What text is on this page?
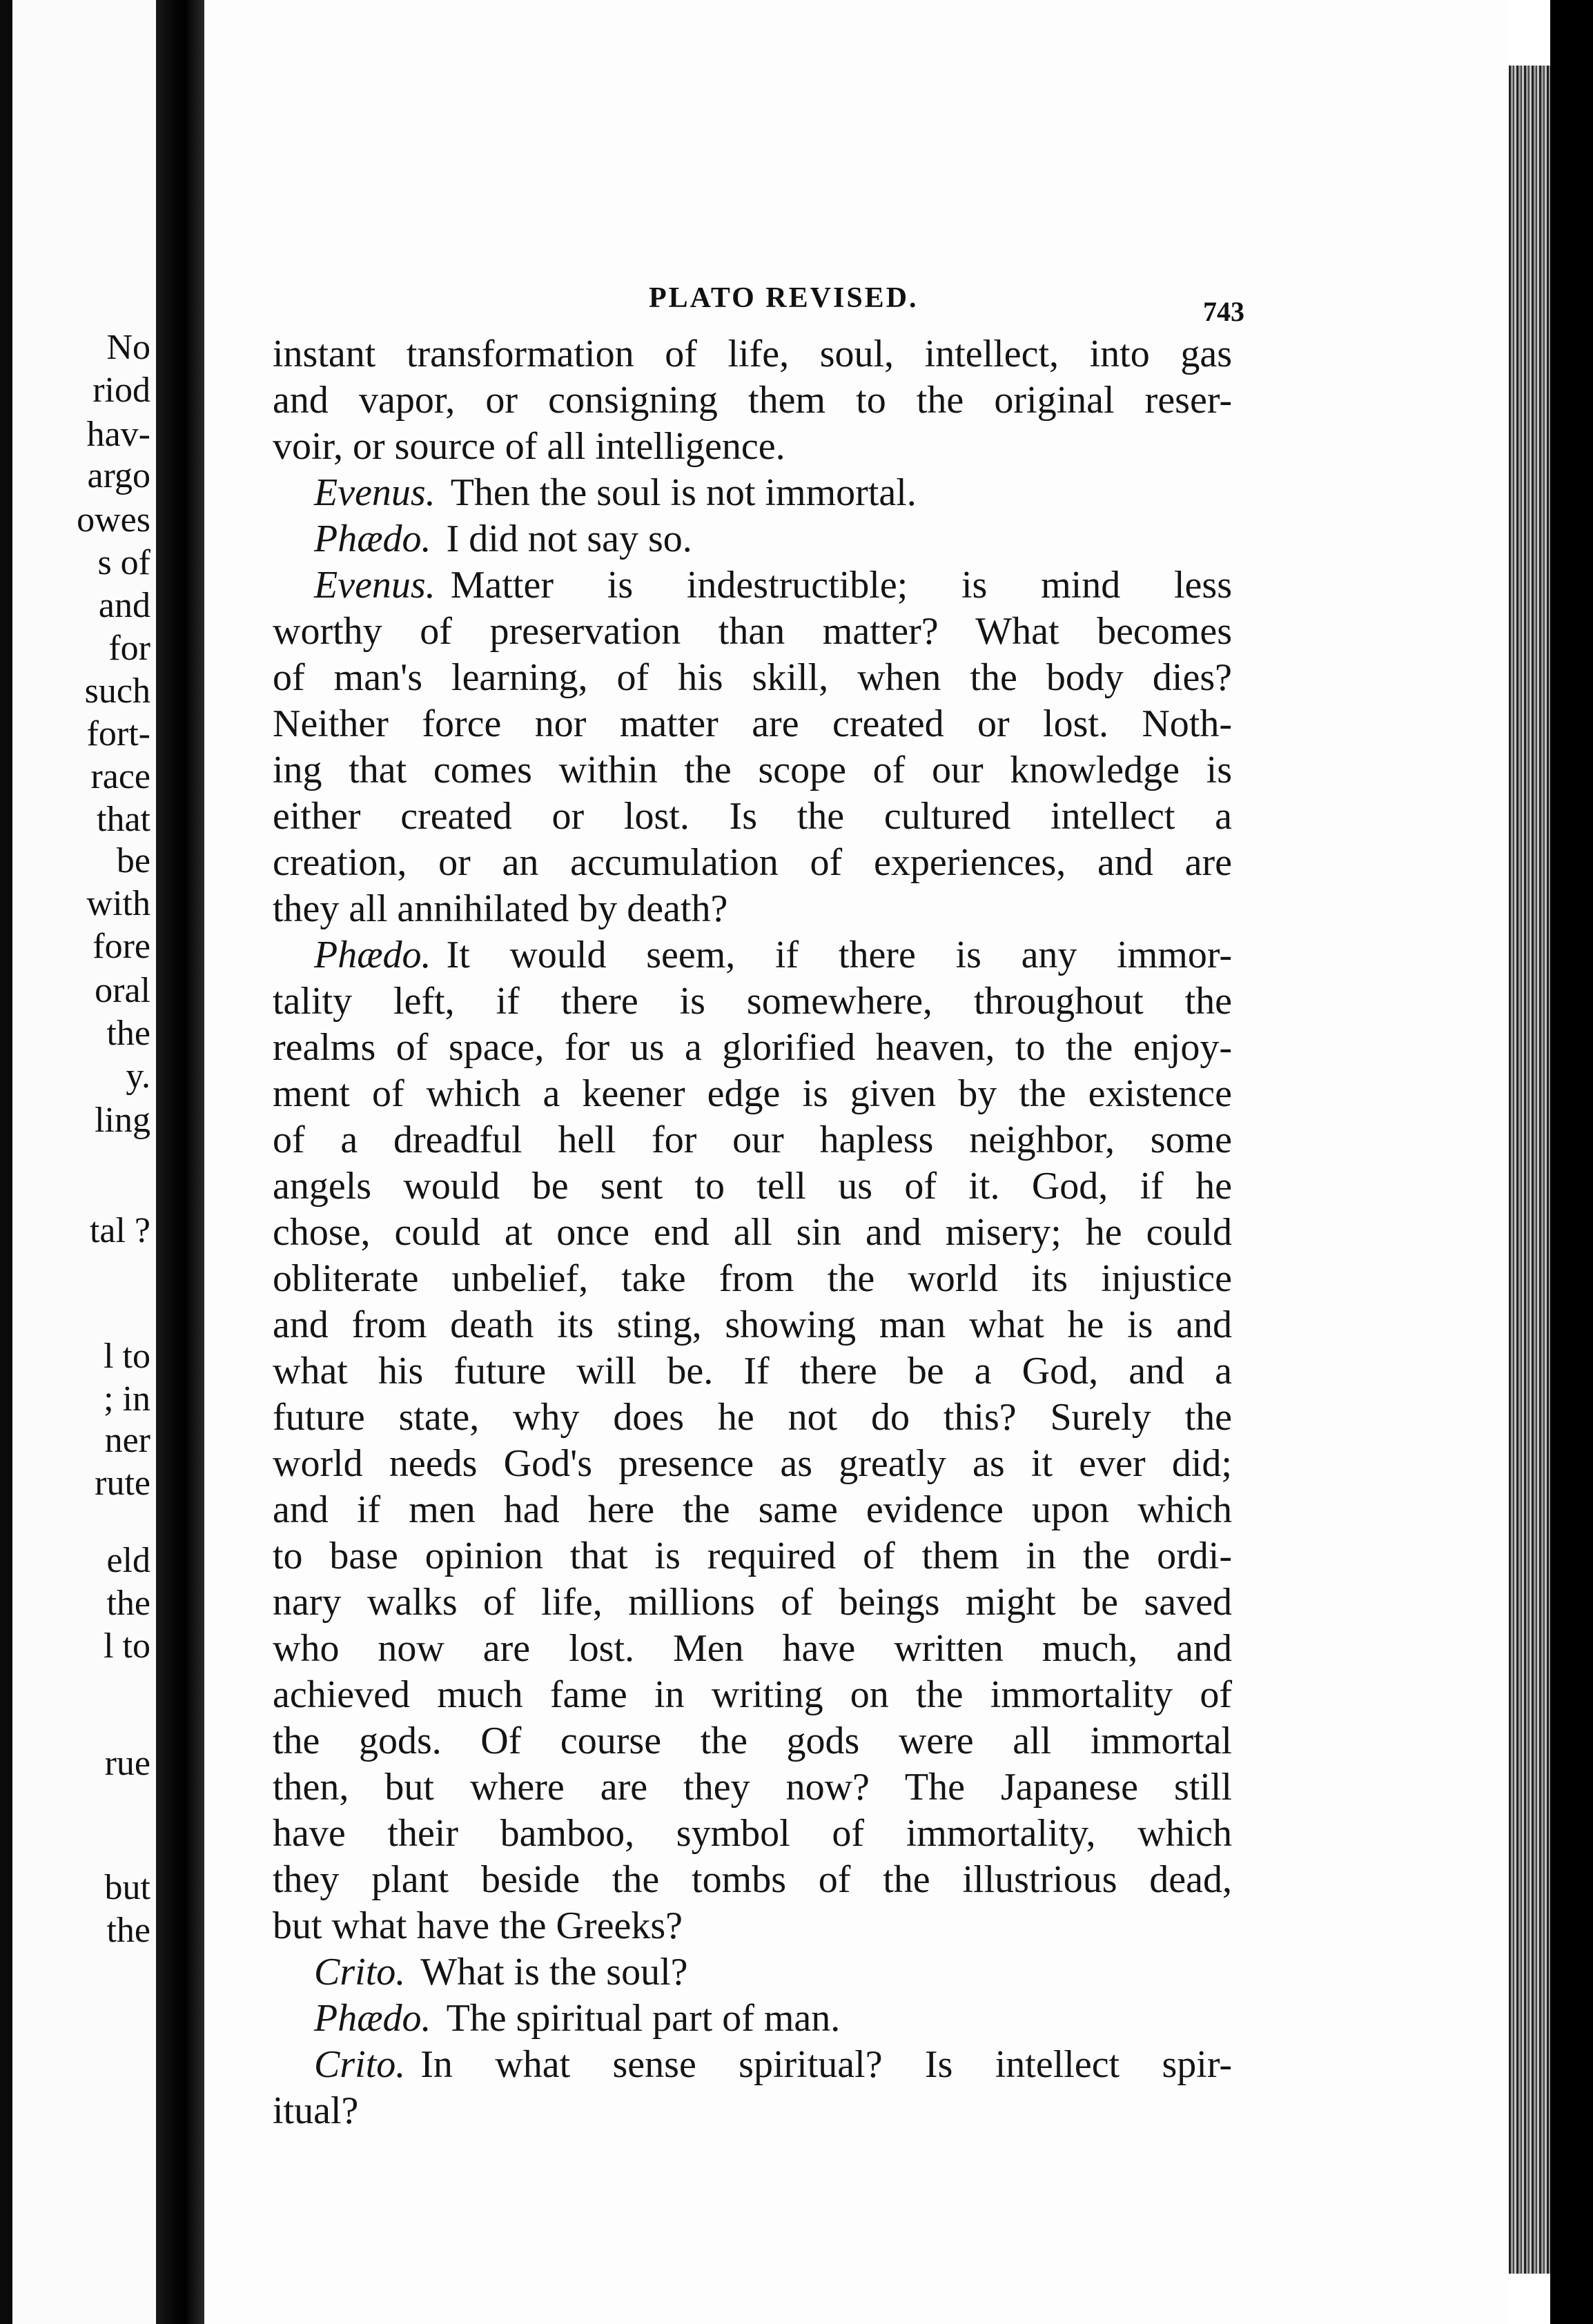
No
riod
hav-
argo
owes
s of
and
for
such
fort-
race
that
be
with
fore
oral
the
y.
ling
tal ?
l to
; in
ner
rute
eld
the
l to
rue
but
the
PLATO REVISED.	743
instant transformation of life, soul, intellect, into gas
and vapor, or consigning them to the original reser-
voir, or source of all intelligence.
Evenus. Then the soul is not immortal.
Phædo. I did not say so.
Evenus. Matter is indestructible; is mind less
worthy of preservation than matter? What becomes
of man's learning, of his skill, when the body dies?
Neither force nor matter are created or lost. Noth-
ing that comes within the scope of our knowledge is
either created or lost. Is the cultured intellect a
creation, or an accumulation of experiences, and are
they all annihilated by death?
Phædo. It would seem, if there is any immor-
tality left, if there is somewhere, throughout the
realms of space, for us a glorified heaven, to the enjoy-
ment of which a keener edge is given by the existence
of a dreadful hell for our hapless neighbor, some
angels would be sent to tell us of it. God, if he
chose, could at once end all sin and misery; he could
obliterate unbelief, take from the world its injustice
and from death its sting, showing man what he is and
what his future will be. If there be a God, and a
future state, why does he not do this? Surely the
world needs God's presence as greatly as it ever did;
and if men had here the same evidence upon which
to base opinion that is required of them in the ordi-
nary walks of life, millions of beings might be saved
who now are lost. Men have written much, and
achieved much fame in writing on the immortality of
the gods. Of course the gods were all immortal
then, but where are they now? The Japanese still
have their bamboo, symbol of immortality, which
they plant beside the tombs of the illustrious dead,
but what have the Greeks?
Crito. What is the soul?
Phædo. The spiritual part of man.
Crito. In what sense spiritual? Is intellect spir-
itual?
